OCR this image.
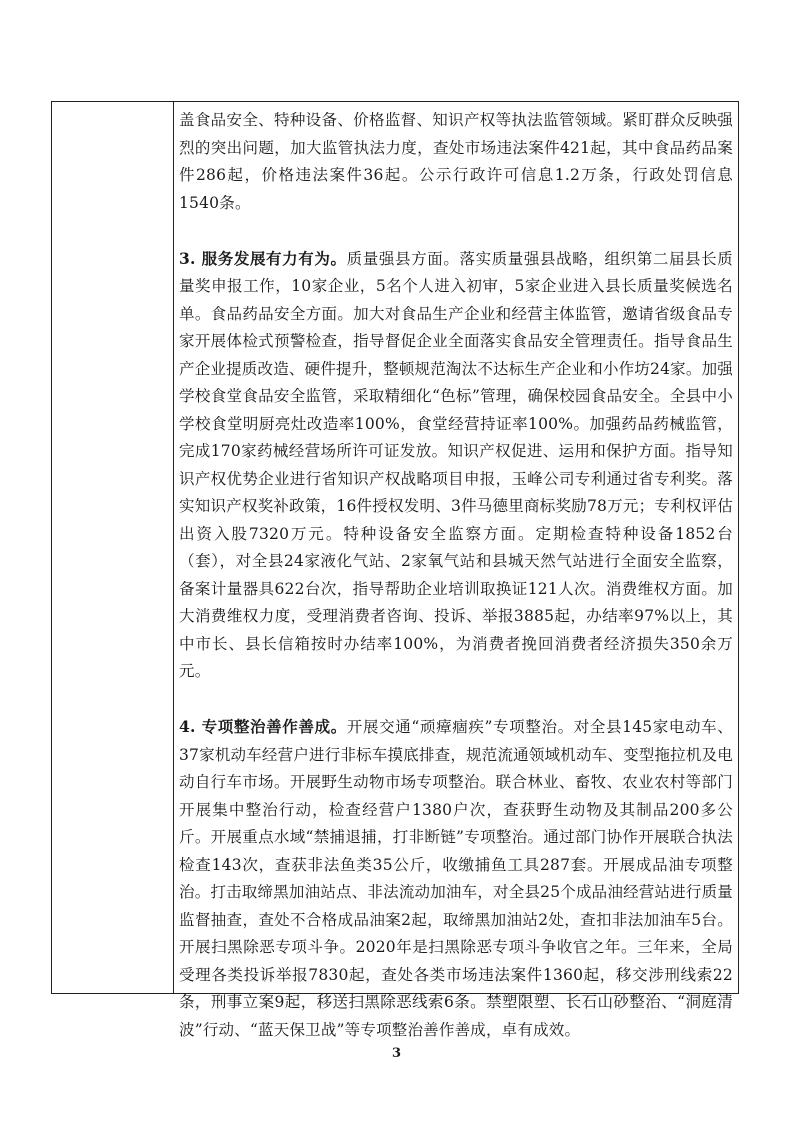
盖食品安全、特种设备、价格监督、知识产权等执法监管领域。紧盯群众反映强烈的突出问题，加大监管执法力度，查处市场违法案件421起，其中食品药品案件286起，价格违法案件36起。公示行政许可信息1.2万条，行政处罚信息1540条。

3. 服务发展有力有为。质量强县方面。落实质量强县战略，组织第二届县长质量奖申报工作，10家企业，5名个人进入初审，5家企业进入县长质量奖候选名单。食品药品安全方面。加大对食品生产企业和经营主体监管，邀请省级食品专家开展体检式预警检查，指导督促企业全面落实食品安全管理责任。指导食品生产企业提质改造、硬件提升，整顿规范淘汰不达标生产企业和小作坊24家。加强学校食堂食品安全监管，采取精细化“色标”管理，确保校园食品安全。全县中小学校食堂明厨亮灶改造率100%，食堂经营持证率100%。加强药品药械监管，完成170家药械经营场所许可证发放。知识产权促进、运用和保护方面。指导知识产权优势企业进行省知识产权战略项目申报，玉峰公司专利通过省专利奖。落实知识产权奖补政策，16件授权发明、3件马德里商标奖励78万元；专利权评估出资入股7320万元。特种设备安全监察方面。定期检查特种设备1852台（套），对全县24家液化气站、2家氧气站和县城天然气站进行全面安全监察，备案计量器具622台次，指导帮助企业培训取换证121人次。消费维权方面。加大消费维权力度，受理消费者咨询、投诉、举报3885起，办结率97%以上，其中市长、县长信箱按时办结率100%，为消费者挽回消费者经济损失350余万元。

4. 专项整治善作善成。开展交通“顽瘴痼疾”专项整治。对全县145家电动车、37家机动车经营户进行非标车摸底排查，规范流通领域机动车、变型拖拉机及电动自行车市场。开展野生动物市场专项整治。联合林业、畜牧、农业农村等部门开展集中整治行动，检查经营户1380户次，查获野生动物及其制品200多公斤。开展重点水域“禁捕退捕，打非断链”专项整治。通过部门协作开展联合执法检查143次，查获非法鱼类35公斤，收缴捕鱼工具287套。开展成品油专项整治。打击取缔黑加油站点、非法流动加油车，对全县25个成品油经营站进行质量监督抽查，查处不合格成品油案2起，取缔黑加油站2处，查扣非法加油车5台。开展扫黑除恶专项斗争。2020年是扫黑除恶专项斗争收官之年。三年来，全局受理各类投诉举报7830起，查处各类市场违法案件1360起，移交涉刑线索22条，刑事立案9起，移送扫黑除恶线索6条。禁塑限塑、长石山砂整治、“洞庭清波”行动、“蓝天保卫战”等专项整治善作善成，卓有成效。

3
